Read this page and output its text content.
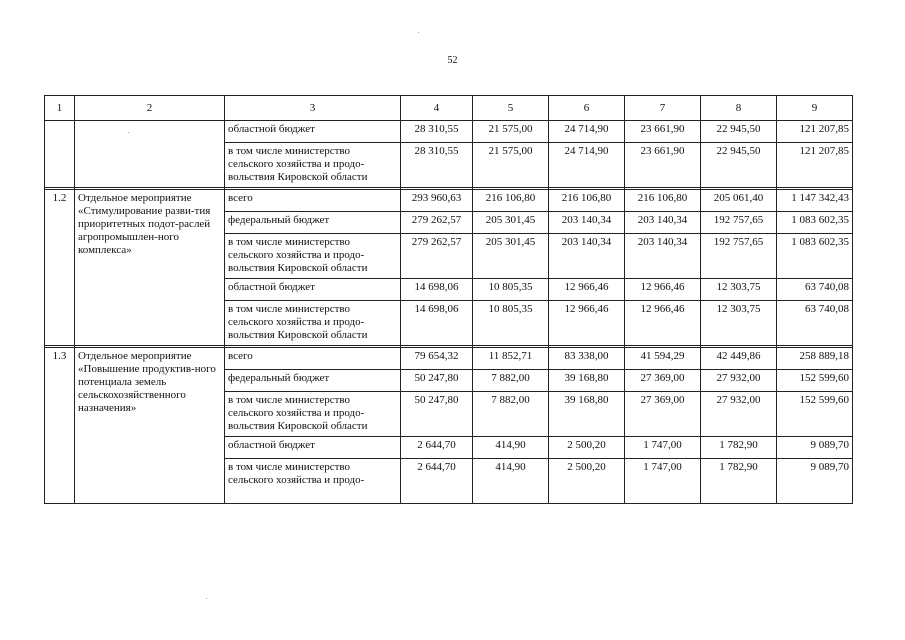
52
1	2	3	4	5	6	7	8	9
		областной бюджет	28 310,55	21 575,00	24 714,90	23 661,90	22 945,50	121 207,85
		в том числе министерство сельского хозяйства и продо-вольствия Кировской области	28 310,55	21 575,00	24 714,90	23 661,90	22 945,50	121 207,85

1.2	Отдельное мероприятие «Стимулирование разви-тия приоритетных подот-раслей агропромышлен-ного комплекса»	всего	293 960,63	216 106,80	216 106,80	216 106,80	205 061,40	1 147 342,43
		федеральный бюджет	279 262,57	205 301,45	203 140,34	203 140,34	192 757,65	1 083 602,35
		в том числе министерство сельского хозяйства и продо-вольствия Кировской области	279 262,57	205 301,45	203 140,34	203 140,34	192 757,65	1 083 602,35
		областной бюджет	14 698,06	10 805,35	12 966,46	12 966,46	12 303,75	63 740,08
		в том числе министерство сельского хозяйства и продо-вольствия Кировской области	14 698,06	10 805,35	12 966,46	12 966,46	12 303,75	63 740,08

1.3	Отдельное мероприятие «Повышение продуктив-ного потенциала земель сельскохозяйственного назначения»	всего	79 654,32	11 852,71	83 338,00	41 594,29	42 449,86	258 889,18
		федеральный бюджет	50 247,80	7 882,00	39 168,80	27 369,00	27 932,00	152 599,60
		в том числе министерство сельского хозяйства и продо-вольствия Кировской области	50 247,80	7 882,00	39 168,80	27 369,00	27 932,00	152 599,60
		областной бюджет	2 644,70	414,90	2 500,20	1 747,00	1 782,90	9 089,70
		в том числе министерство сельского хозяйства и продо-	2 644,70	414,90	2 500,20	1 747,00	1 782,90	9 089,70
